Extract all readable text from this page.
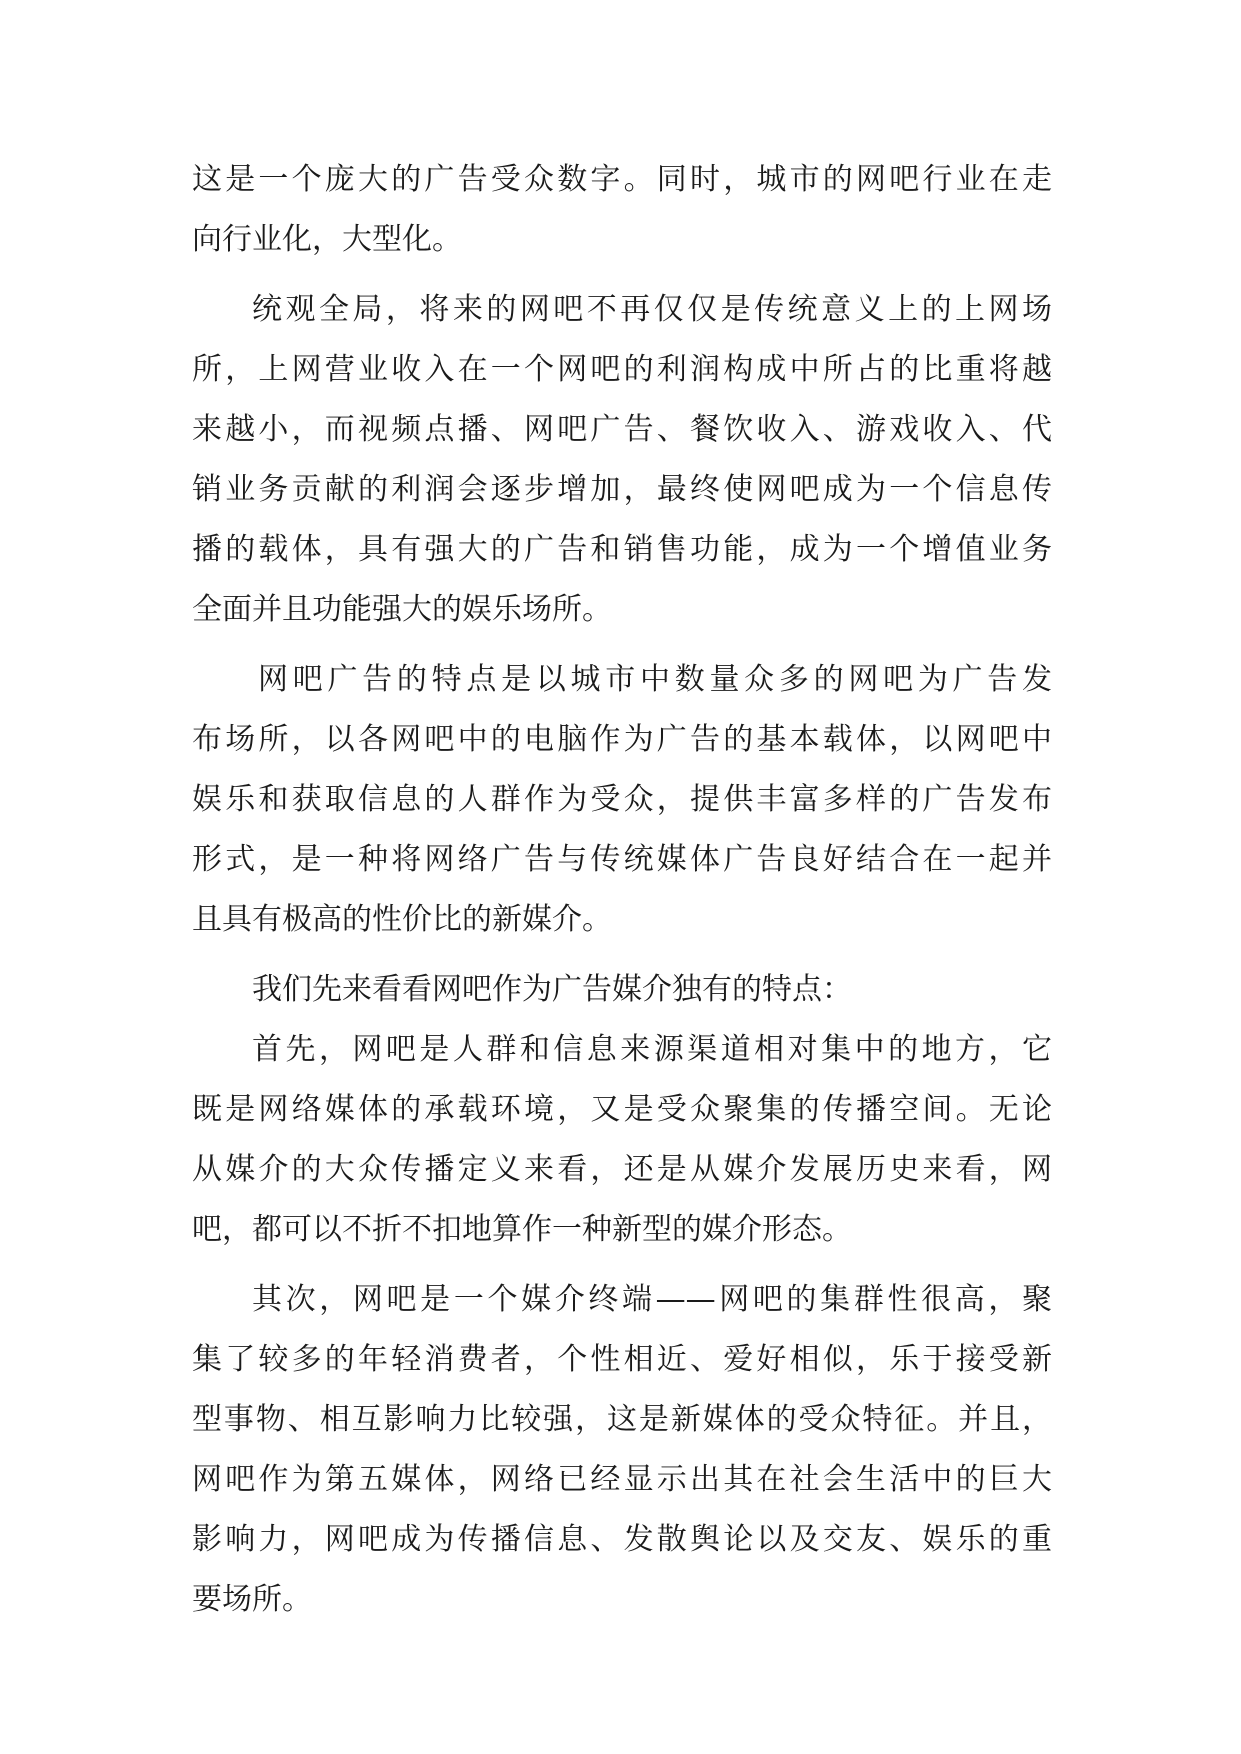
这是一个庞大的广告受众数字。同时，城市的网吧行业在走
向行业化，大型化。
统观全局，将来的网吧不再仅仅是传统意义上的上网场
所，上网营业收入在一个网吧的利润构成中所占的比重将越
来越小，而视频点播、网吧广告、餐饮收入、游戏收入、代
销业务贡献的利润会逐步增加，最终使网吧成为一个信息传
播的载体，具有强大的广告和销售功能，成为一个增值业务
全面并且功能强大的娱乐场所。
网吧广告的特点是以城市中数量众多的网吧为广告发
布场所，以各网吧中的电脑作为广告的基本载体，以网吧中
娱乐和获取信息的人群作为受众，提供丰富多样的广告发布
形式，是一种将网络广告与传统媒体广告良好结合在一起并
且具有极高的性价比的新媒介。
我们先来看看网吧作为广告媒介独有的特点：
首先，网吧是人群和信息来源渠道相对集中的地方，它
既是网络媒体的承载环境，又是受众聚集的传播空间。无论
从媒介的大众传播定义来看，还是从媒介发展历史来看，网
吧，都可以不折不扣地算作一种新型的媒介形态。
其次，网吧是一个媒介终端——网吧的集群性很高，聚
集了较多的年轻消费者，个性相近、爱好相似，乐于接受新
型事物、相互影响力比较强，这是新媒体的受众特征。并且，
网吧作为第五媒体，网络已经显示出其在社会生活中的巨大
影响力，网吧成为传播信息、发散舆论以及交友、娱乐的重
要场所。
